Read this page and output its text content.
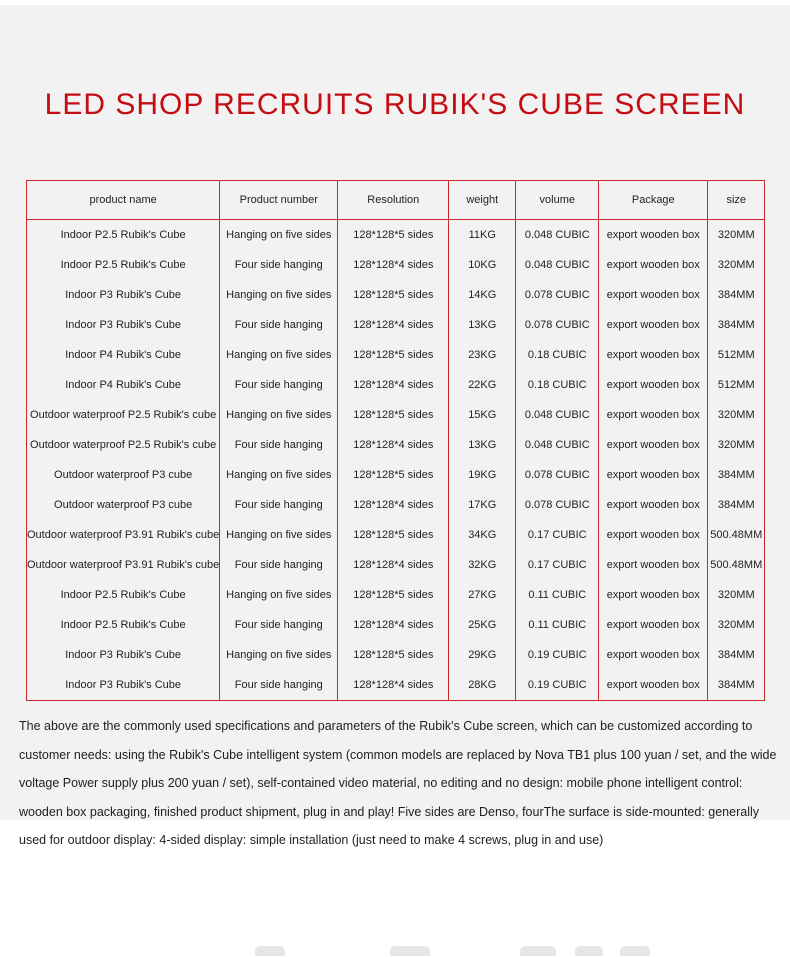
LED SHOP RECRUITS RUBIK'S CUBE SCREEN
product name	Product number	Resolution	weight	volume	Package	size
Indoor P2.5 Rubik's Cube	Hanging on five sides	128*128*5 sides	11KG	0.048 CUBIC	export wooden box	320MM
Indoor P2.5 Rubik's Cube	Four side hanging	128*128*4 sides	10KG	0.048 CUBIC	export wooden box	320MM
Indoor P3 Rubik's Cube	Hanging on five sides	128*128*5 sides	14KG	0.078 CUBIC	export wooden box	384MM
Indoor P3 Rubik's Cube	Four side hanging	128*128*4 sides	13KG	0.078 CUBIC	export wooden box	384MM
Indoor P4 Rubik's Cube	Hanging on five sides	128*128*5 sides	23KG	0.18 CUBIC	export wooden box	512MM
Indoor P4 Rubik's Cube	Four side hanging	128*128*4 sides	22KG	0.18 CUBIC	export wooden box	512MM
Outdoor waterproof P2.5 Rubik's cube	Hanging on five sides	128*128*5 sides	15KG	0.048 CUBIC	export wooden box	320MM
Outdoor waterproof P2.5 Rubik's cube	Four side hanging	128*128*4 sides	13KG	0.048 CUBIC	export wooden box	320MM
Outdoor waterproof P3 cube	Hanging on five sides	128*128*5 sides	19KG	0.078 CUBIC	export wooden box	384MM
Outdoor waterproof P3 cube	Four side hanging	128*128*4 sides	17KG	0.078 CUBIC	export wooden box	384MM
Outdoor waterproof P3.91 Rubik's cube	Hanging on five sides	128*128*5 sides	34KG	0.17 CUBIC	export wooden box	500.48MM
Outdoor waterproof P3.91 Rubik's cube	Four side hanging	128*128*4 sides	32KG	0.17 CUBIC	export wooden box	500.48MM
Indoor P2.5 Rubik's Cube	Hanging on five sides	128*128*5 sides	27KG	0.11 CUBIC	export wooden box	320MM
Indoor P2.5 Rubik's Cube	Four side hanging	128*128*4 sides	25KG	0.11 CUBIC	export wooden box	320MM
Indoor P3 Rubik's Cube	Hanging on five sides	128*128*5 sides	29KG	0.19 CUBIC	export wooden box	384MM
Indoor P3 Rubik's Cube	Four side hanging	128*128*4 sides	28KG	0.19 CUBIC	export wooden box	384MM

The above are the commonly used specifications and parameters of the Rubik's Cube screen, which can be customized according to customer needs: using the Rubik's Cube intelligent system (common models are replaced by Nova TB1 plus 100 yuan / set, and the wide voltage Power supply plus 200 yuan / set), self-contained video material, no editing and no design: mobile phone intelligent control: wooden box packaging, finished product shipment, plug in and play! Five sides are Denso, fourThe surface is side-mounted: generally used for outdoor display: 4-sided display: simple installation (just need to make 4 screws, plug in and use)
